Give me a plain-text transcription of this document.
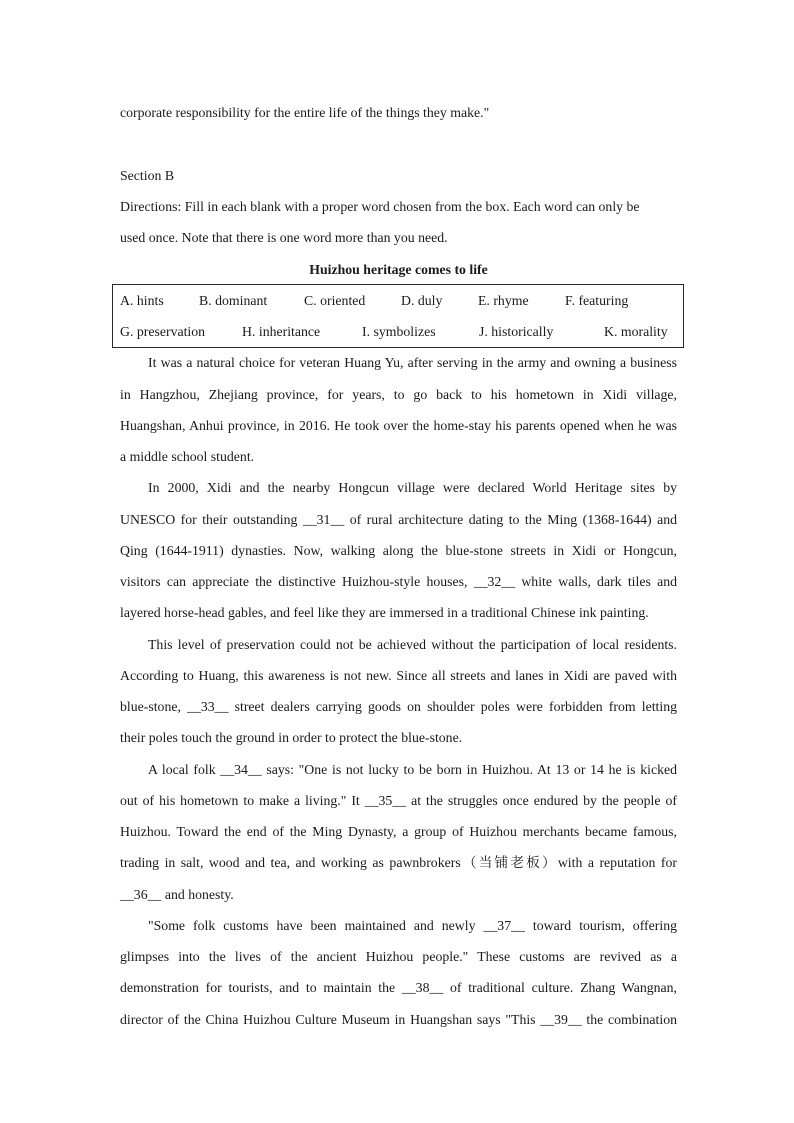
corporate responsibility for the entire life of the things they make."
Section B
Directions: Fill in each blank with a proper word chosen from the box. Each word can only be
used once. Note that there is one word more than you need.
Huizhou heritage comes to life
A. hints	B. dominant	C. oriented	D. duly	E. rhyme	F. featuring
G. preservation	H. inheritance	I. symbolizes	J. historically	K. morality
It was a natural choice for veteran Huang Yu, after serving in the army and owning a business
in Hangzhou, Zhejiang province, for years, to go back to his hometown in Xidi village,
Huangshan, Anhui province, in 2016. He took over the home-stay his parents opened when he was
a middle school student.
In 2000, Xidi and the nearby Hongcun village were declared World Heritage sites by
UNESCO for their outstanding __31__ of rural architecture dating to the Ming (1368-1644) and
Qing (1644-1911) dynasties. Now, walking along the blue-stone streets in Xidi or Hongcun,
visitors can appreciate the distinctive Huizhou-style houses, __32__ white walls, dark tiles and
layered horse-head gables, and feel like they are immersed in a traditional Chinese ink painting.
This level of preservation could not be achieved without the participation of local residents.
According to Huang, this awareness is not new. Since all streets and lanes in Xidi are paved with
blue-stone, __33__ street dealers carrying goods on shoulder poles were forbidden from letting
their poles touch the ground in order to protect the blue-stone.
A local folk __34__ says: "One is not lucky to be born in Huizhou. At 13 or 14 he is kicked
out of his hometown to make a living." It __35__ at the struggles once endured by the people of
Huizhou. Toward the end of the Ming Dynasty, a group of Huizhou merchants became famous,
trading in salt, wood and tea, and working as pawnbrokers（当铺老板）with a reputation for
__36__ and honesty.
"Some folk customs have been maintained and newly __37__ toward tourism, offering
glimpses into the lives of the ancient Huizhou people." These customs are revived as a
demonstration for tourists, and to maintain the __38__ of traditional culture. Zhang Wangnan,
director of the China Huizhou Culture Museum in Huangshan says "This __39__ the combination
